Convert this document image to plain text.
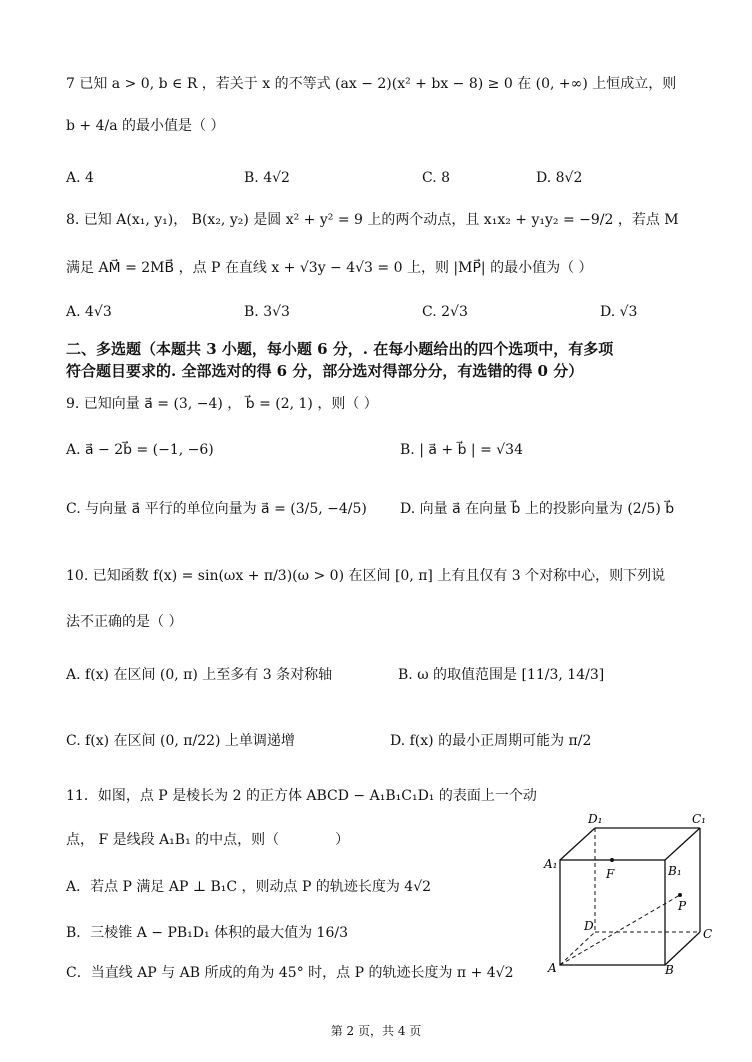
7 已知 a > 0, b ∈ R ，若关于 x 的不等式 (ax − 2)(x² + bx − 8) ≥ 0 在 (0, +∞) 上恒成立，则
b + 4/a 的最小值是（ ）
A. 4	B. 4√2	C. 8	D. 8√2
8. 已知 A(x₁, y₁)， B(x₂, y₂) 是圆 x² + y² = 9 上的两个动点，且 x₁x₂ + y₁y₂ = −9/2 ，若点 M
满足 AM⃗ = 2MB⃗ ，点 P 在直线 x + √3y − 4√3 = 0 上，则 |MP⃗| 的最小值为（ ）
A. 4√3	B. 3√3	C. 2√3	D. √3
二、多选题（本题共 3 小题，每小题 6 分，. 在每小题给出的四个选项中，有多项
符合题目要求的. 全部选对的得 6 分，部分选对得部分分，有选错的得 0 分）
9. 已知向量 a⃗ = (3, −4) ， b⃗ = (2, 1) ，则（ ）
A. a⃗ − 2b⃗ = (−1, −6)	B. | a⃗ + b⃗ | = √34
C. 与向量 a⃗ 平行的单位向量为 a⃗ = (3/5, −4/5) D. 向量 a⃗ 在向量 b⃗ 上的投影向量为 (2/5) b⃗
10. 已知函数 f(x) = sin(ωx + π/3)(ω > 0) 在区间 [0, π] 上有且仅有 3 个对称中心，则下列说
法不正确的是（ ）
A. f(x) 在区间 (0, π) 上至多有 3 条对称轴	B. ω 的取值范围是 [11/3, 14/3]
C. f(x) 在区间 (0, π/22) 上单调递增	D. f(x) 的最小正周期可能为 π/2
11．如图，点 P 是棱长为 2 的正方体 ABCD − A₁B₁C₁D₁ 的表面上一个动
点， F 是线段 A₁B₁ 的中点，则（　　　　）
A．若点 P 满足 AP ⊥ B₁C ，则动点 P 的轨迹长度为 4√2
B．三棱锥 A − PB₁D₁ 体积的最大值为 16/3
C．当直线 AP 与 AB 所成的角为 45° 时，点 P 的轨迹长度为 π + 4√2
D₁	C₁
A₁	B₁
F
P
D
C
A	B
第 2 页，共 4 页
